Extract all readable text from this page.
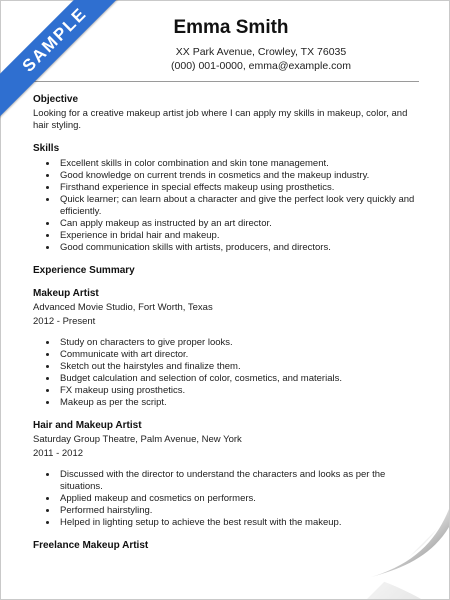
SAMPLE	Emma Smith
XX Park Avenue, Crowley, TX 76035
(000) 001-0000, emma@example.com
Objective
Looking for a creative makeup artist job where I can apply my skills in makeup, color, and hair styling.
Skills
• Excellent skills in color combination and skin tone management.
• Good knowledge on current trends in cosmetics and the makeup industry.
• Firsthand experience in special effects makeup using prosthetics.
• Quick learner; can learn about a character and give the perfect look very quickly and efficiently.
• Can apply makeup as instructed by an art director.
• Experience in bridal hair and makeup.
• Good communication skills with artists, producers, and directors.
Experience Summary
Makeup Artist
Advanced Movie Studio, Fort Worth, Texas
2012 - Present
• Study on characters to give proper looks.
• Communicate with art director.
• Sketch out the hairstyles and finalize them.
• Budget calculation and selection of color, cosmetics, and materials.
• FX makeup using prosthetics.
• Makeup as per the script.
Hair and Makeup Artist
Saturday Group Theatre, Palm Avenue, New York
2011 - 2012
• Discussed with the director to understand the characters and looks as per the situations.
• Applied makeup and cosmetics on performers.
• Performed hairstyling.
• Helped in lighting setup to achieve the best result with the makeup.
Freelance Makeup Artist
